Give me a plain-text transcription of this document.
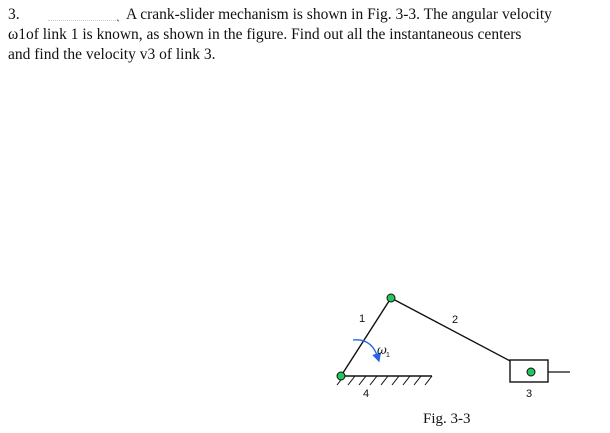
3.	ˏ A crank-slider mechanism is shown in Fig. 3-3. The angular velocity
ω1of link 1 is known, as shown in the figure. Find out all the instantaneous centers
and find the velocity v3 of link 3.
1	2
3
4
ω 1
Fig. 3-3
